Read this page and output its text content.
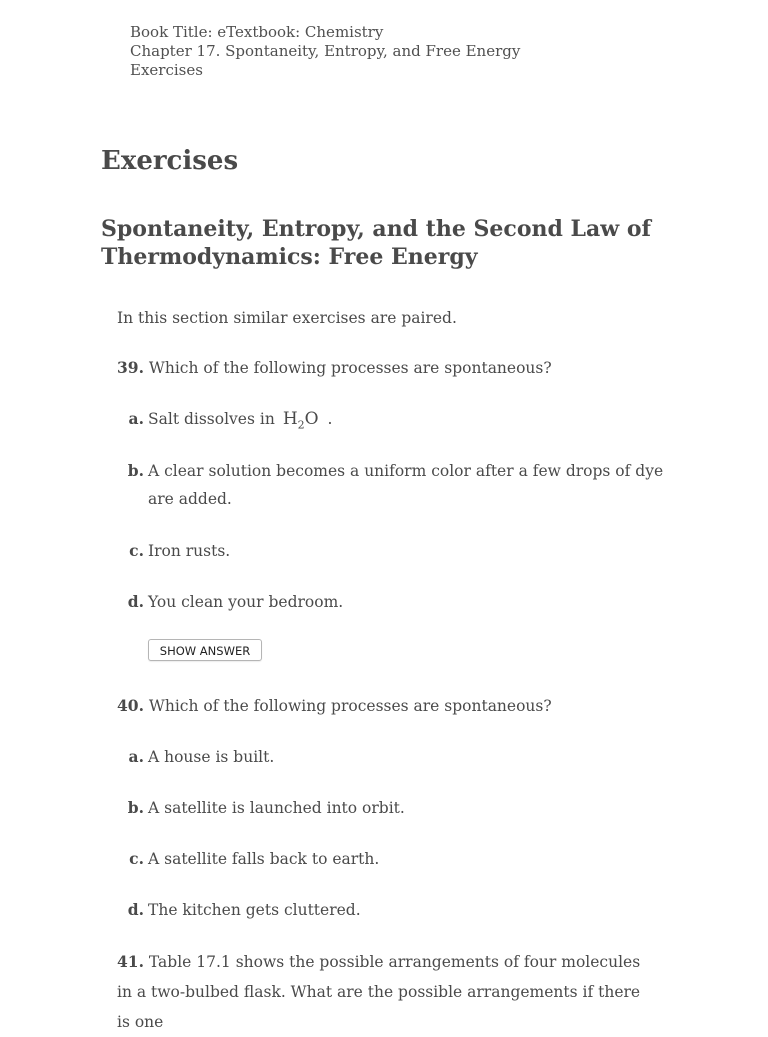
Book Title: eTextbook: Chemistry
Chapter 17. Spontaneity, Entropy, and Free Energy
Exercises
Exercises
Spontaneity, Entropy, and the Second Law of Thermodynamics: Free Energy
In this section similar exercises are paired.
39. Which of the following processes are spontaneous?
a. Salt dissolves in $H_2O$ .
b. A clear solution becomes a uniform color after a few drops of dye
are added.
c. Iron rusts.
d. You clean your bedroom.
SHOW ANSWER
40. Which of the following processes are spontaneous?
a. A house is built.
b. A satellite is launched into orbit.
c. A satellite falls back to earth.
d. The kitchen gets cluttered.
41. Table 17.1 shows the possible arrangements of four molecules in a two-bulbed flask. What are the possible arrangements if there is one
